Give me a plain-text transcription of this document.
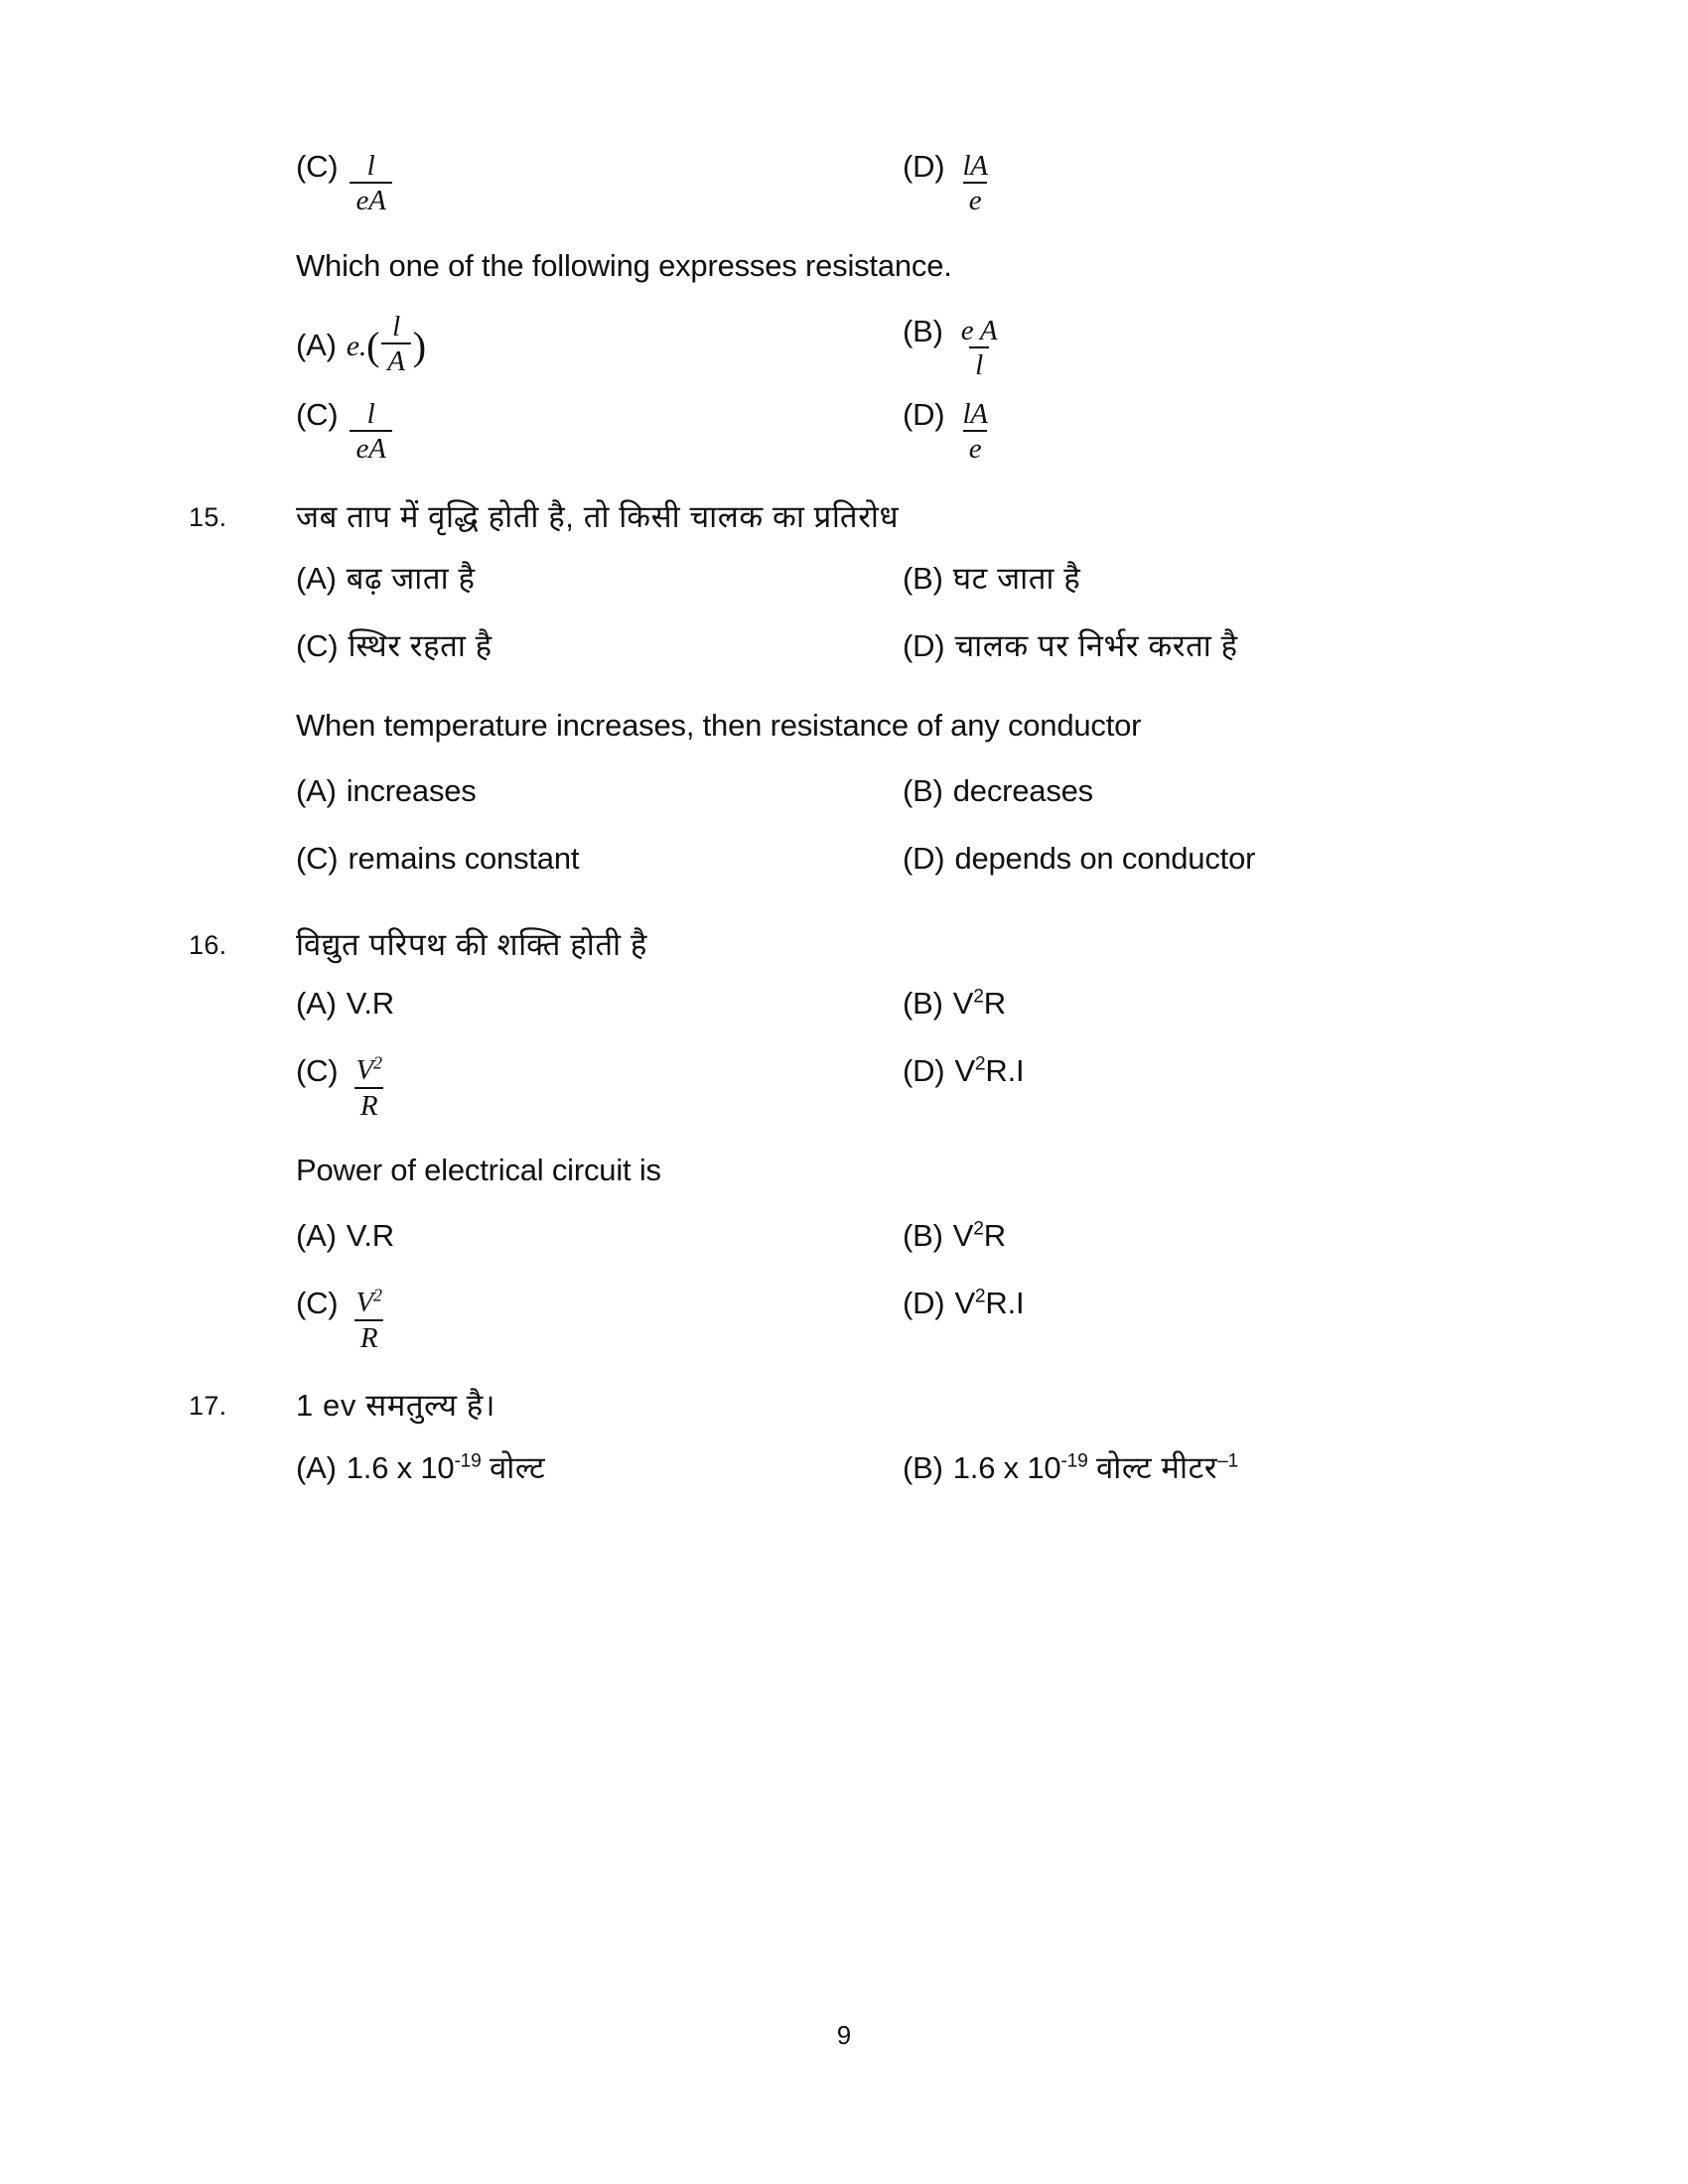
$(C) \frac{l}{eA}$	$(D) \frac{lA}{e}$
Which one of the following expresses resistance.
(A) e. ( $\frac{l}{A}$ )	$(B) \frac{\text{e A}}{l}$
$(C) \frac{l}{eA}$	$(D) \frac{lA}{e}$
15.	जब ताप में वृद्धि होती है, तो किसी चालक का प्रतिरोध
(A) बढ़ जाता है	(B) घट जाता है
(C) स्थिर रहता है	(D) चालक पर निर्भर करता है
When temperature increases, then resistance of any conductor
(A) increases	(B) decreases
(C) remains constant	(D) depends on conductor
16.	विद्युत परिपथ की शक्ति होती है
(A) V.R	(B) $V^2R$
$(C) \frac{V^2}{R}$	(D) $V^2R.I$
Power of electrical circuit is
(A) V.R	(B) $V^2R$
$(C) \frac{V^2}{R}$	(D) $V^2R.I$
17.	1 ev समतुल्य है।
(A) 1.6 x $10^{-19}$ वोल्ट	(B) 1.6 x $10^{-19}$ वोल्ट मीटर$^{-1}$
9
